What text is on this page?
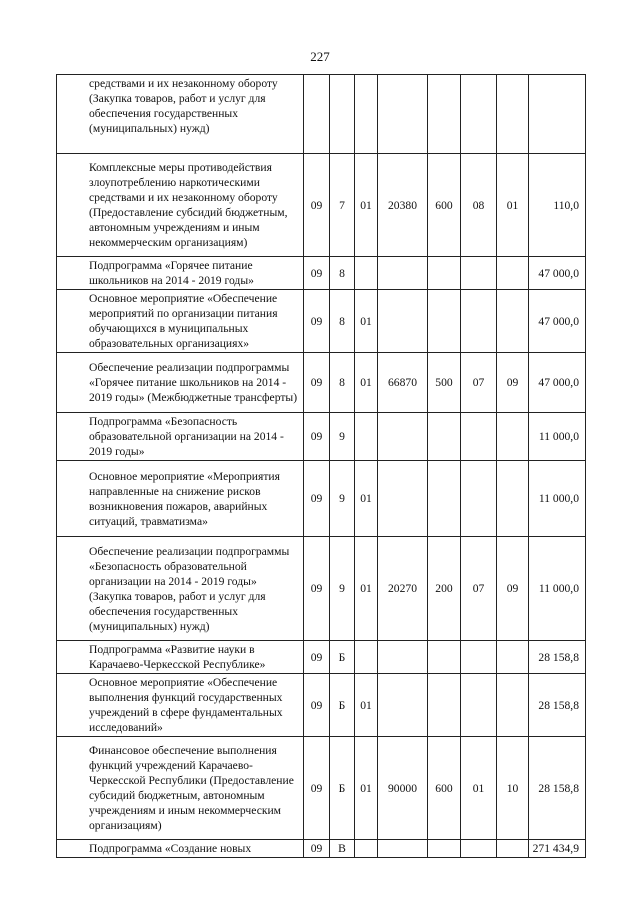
227
средствами и их незаконному обороту (Закупка товаров, работ и услуг для обеспечения государственных (муниципальных) нужд)								
Комплексные меры противодействия злоупотреблению наркотическими средствами и их незаконному обороту (Предоставление субсидий бюджетным, автономным учреждениям и иным некоммерческим организациям)	09	7	01	20380	600	08	01	110,0
Подпрограмма «Горячее питание школьников на 2014 - 2019 годы»	09	8						47 000,0
Основное мероприятие «Обеспечение мероприятий по организации питания обучающихся в муниципальных образовательных организациях»	09	8	01					47 000,0
Обеспечение реализации подпрограммы «Горячее питание школьников на 2014 - 2019 годы» (Межбюджетные трансферты)	09	8	01	66870	500	07	09	47 000,0
Подпрограмма «Безопасность образовательной организации на 2014 - 2019 годы»	09	9						11 000,0
Основное мероприятие «Мероприятия направленные на снижение рисков возникновения пожаров, аварийных ситуаций, травматизма»	09	9	01					11 000,0
Обеспечение реализации подпрограммы «Безопасность образовательной организации на 2014 - 2019 годы» (Закупка товаров, работ и услуг для обеспечения государственных (муниципальных) нужд)	09	9	01	20270	200	07	09	11 000,0
Подпрограмма «Развитие науки в Карачаево-Черкесской Республике»	09	Б						28 158,8
Основное мероприятие «Обеспечение выполнения функций государственных учреждений в сфере фундаментальных исследований»	09	Б	01					28 158,8
Финансовое обеспечение выполнения функций учреждений Карачаево-Черкесской Республики (Предоставление субсидий бюджетным, автономным учреждениям и иным некоммерческим организациям)	09	Б	01	90000	600	01	10	28 158,8
Подпрограмма «Создание новых	09	В						271 434,9
